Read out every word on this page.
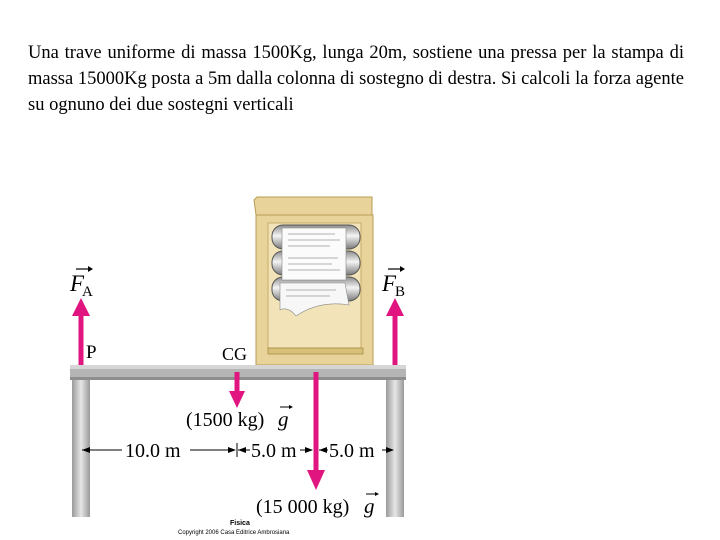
Una trave uniforme di massa 1500Kg, lunga 20m, sostiene una pressa per la stampa di massa 15000Kg posta a 5m dalla colonna di sostegno di destra. Si calcoli la forza agente su ognuno dei due sostegni verticali
F
A	F
B
P	CG
(1500 kg) g
10.0 m	5.0 m 5.0 m
(15 000 kg) g
Fisica
Copyright 2006 Casa Editrice Ambrosiana
